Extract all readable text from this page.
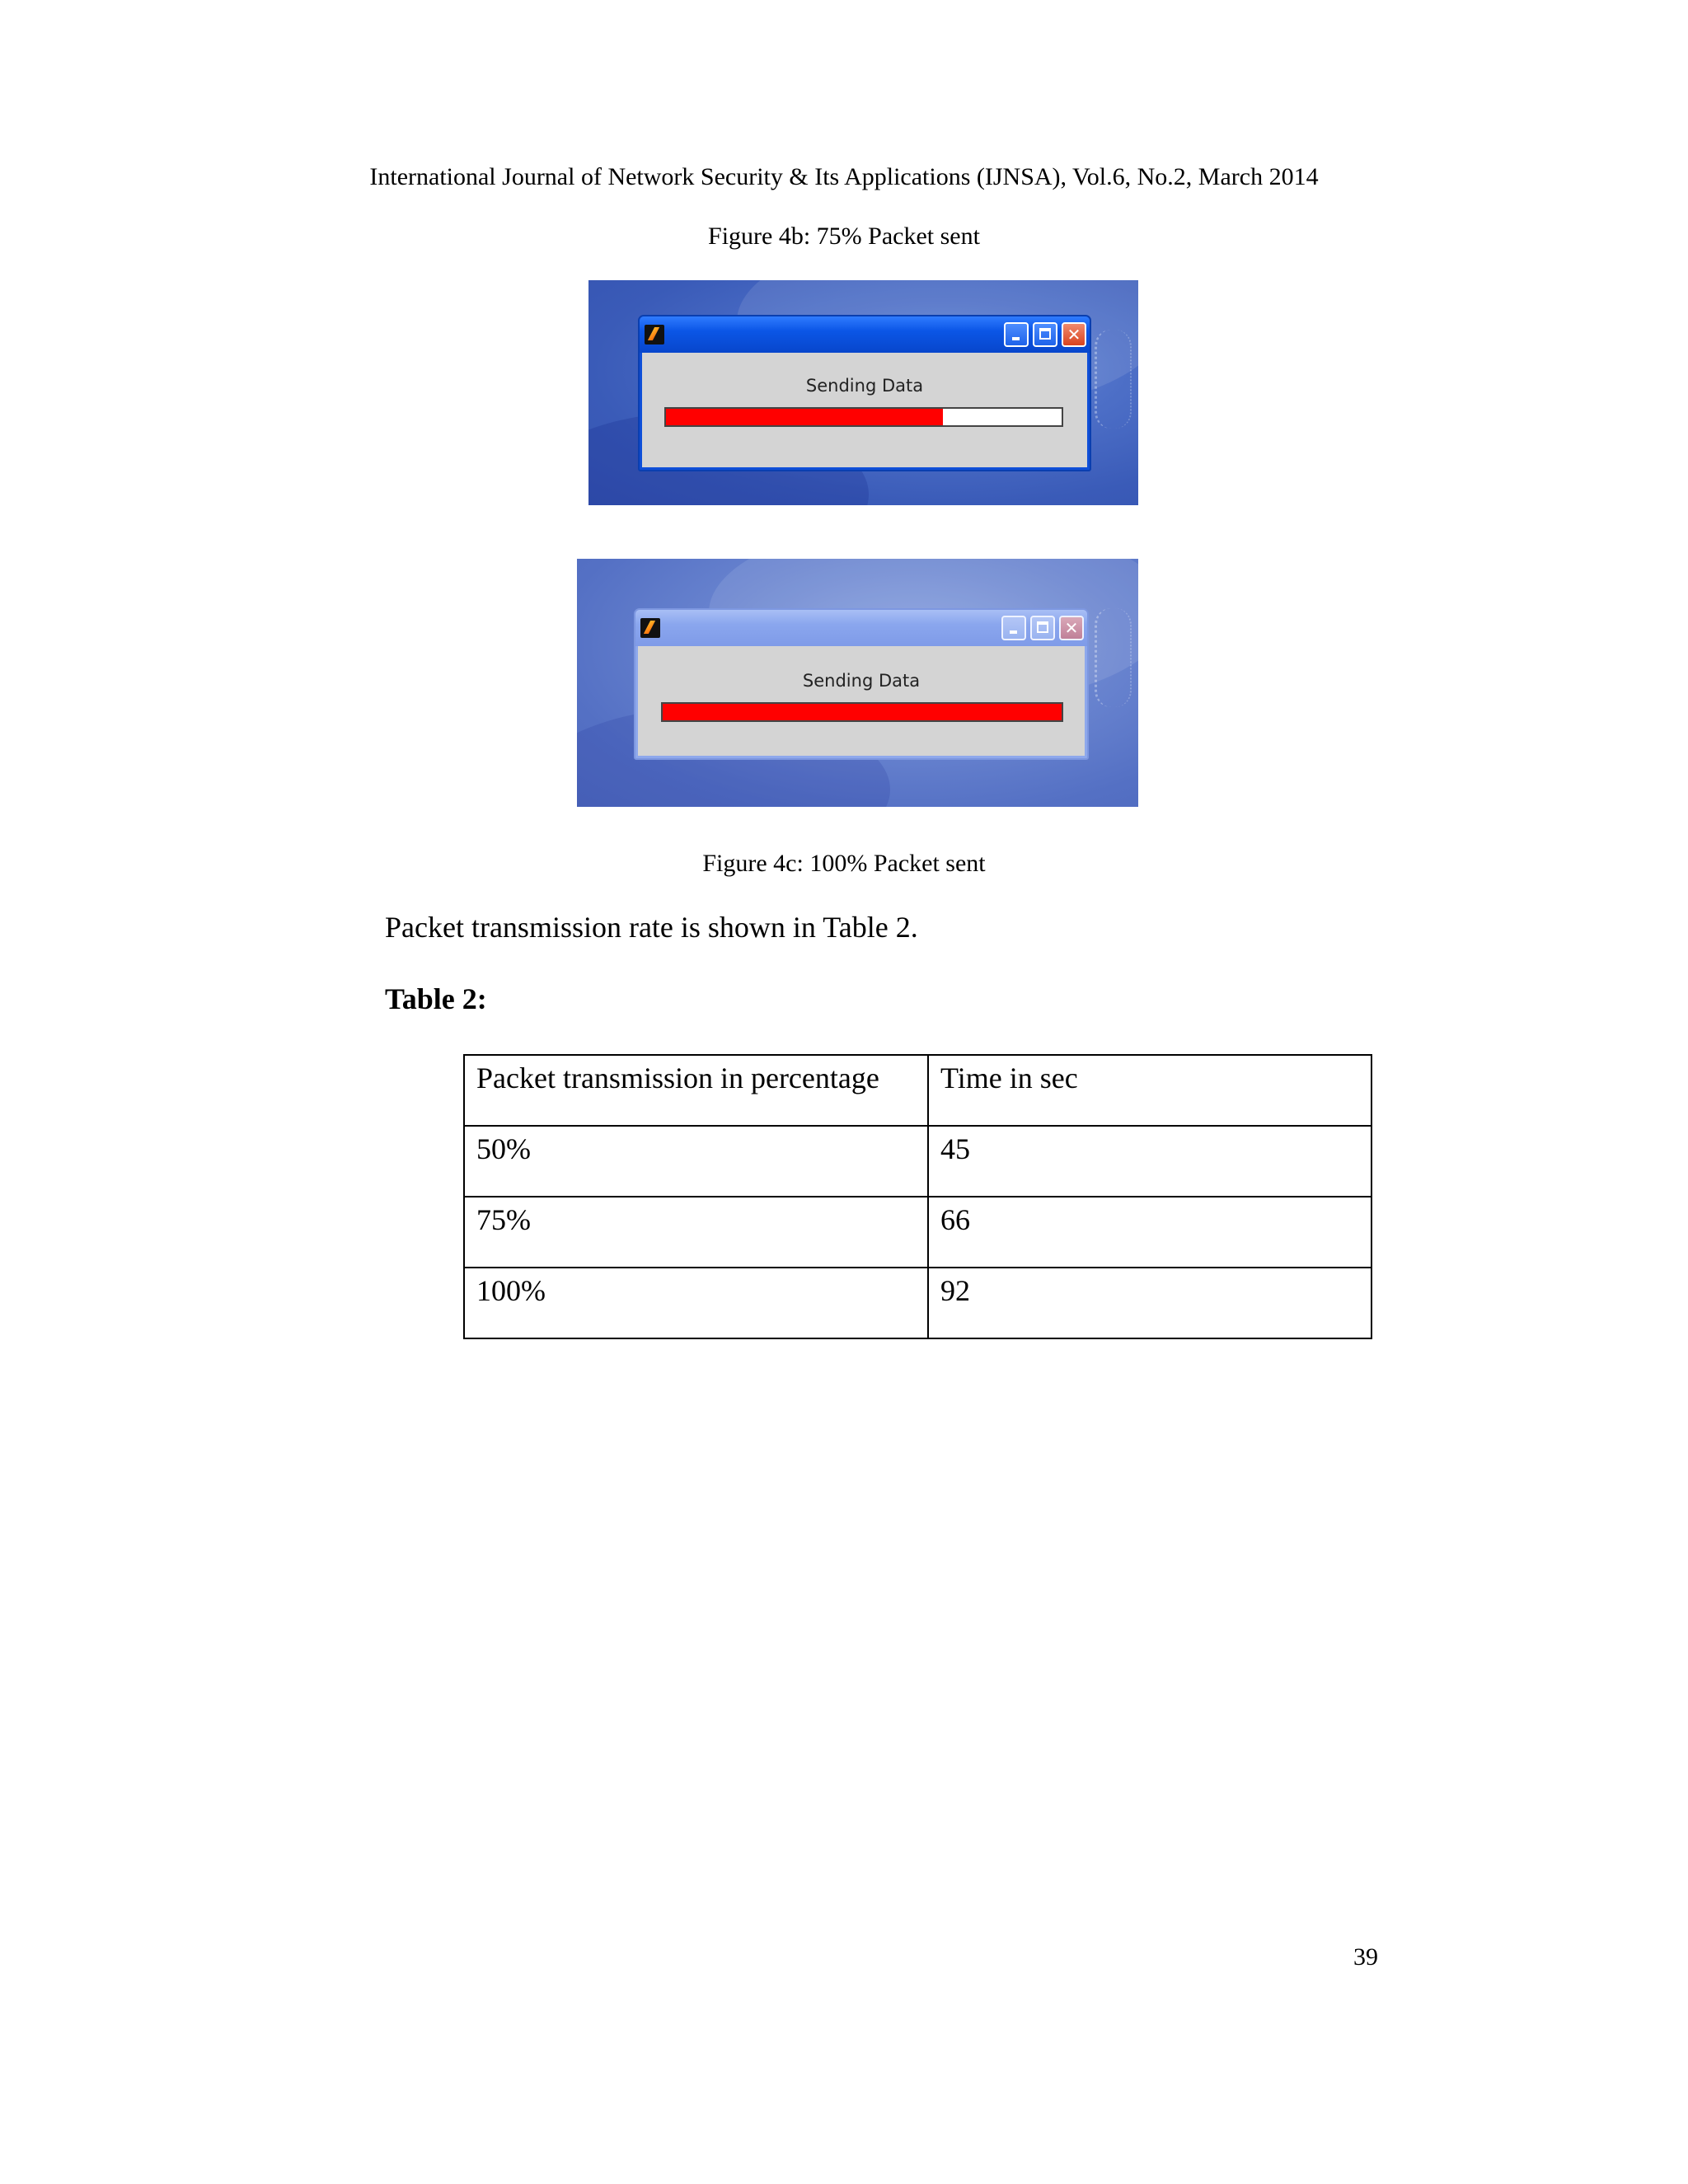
International Journal of Network Security & Its Applications (IJNSA), Vol.6, No.2, March 2014
Figure 4b: 75% Packet sent
✕
Sending Data
✕
Sending Data
Figure 4c: 100% Packet sent
Packet transmission rate is shown in Table 2.
Table 2:
Packet transmission in percentage	Time in sec
50%	45
75%	66
100%	92
39
